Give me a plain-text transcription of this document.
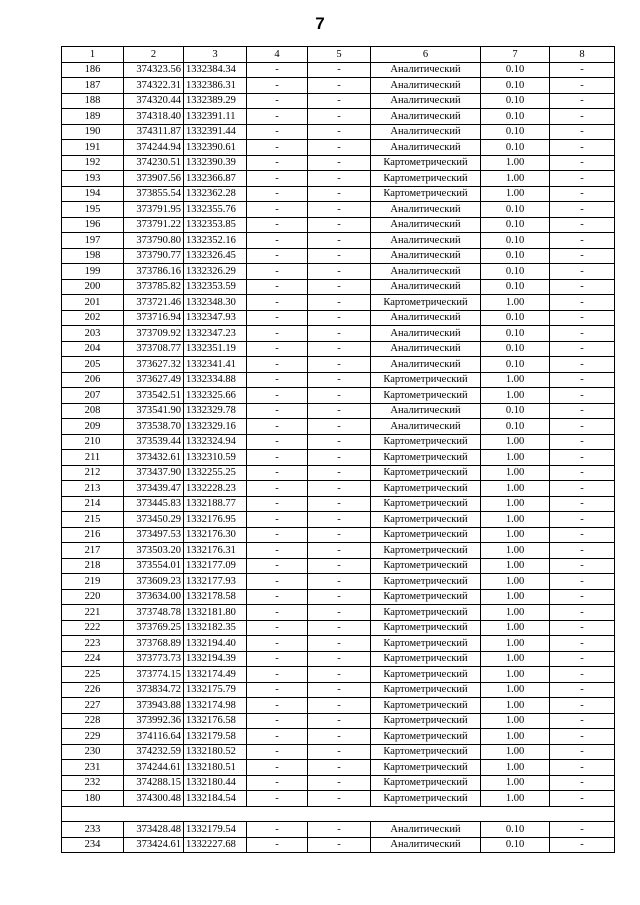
7
1	2	3	4	5	6	7	8
186	374323.56	1332384.34	-	-	Аналитический	0.10	-
187	374322.31	1332386.31	-	-	Аналитический	0.10	-
188	374320.44	1332389.29	-	-	Аналитический	0.10	-
189	374318.40	1332391.11	-	-	Аналитический	0.10	-
190	374311.87	1332391.44	-	-	Аналитический	0.10	-
191	374244.94	1332390.61	-	-	Аналитический	0.10	-
192	374230.51	1332390.39	-	-	Картометрический	1.00	-
193	373907.56	1332366.87	-	-	Картометрический	1.00	-
194	373855.54	1332362.28	-	-	Картометрический	1.00	-
195	373791.95	1332355.76	-	-	Аналитический	0.10	-
196	373791.22	1332353.85	-	-	Аналитический	0.10	-
197	373790.80	1332352.16	-	-	Аналитический	0.10	-
198	373790.77	1332326.45	-	-	Аналитический	0.10	-
199	373786.16	1332326.29	-	-	Аналитический	0.10	-
200	373785.82	1332353.59	-	-	Аналитический	0.10	-
201	373721.46	1332348.30	-	-	Картометрический	1.00	-
202	373716.94	1332347.93	-	-	Аналитический	0.10	-
203	373709.92	1332347.23	-	-	Аналитический	0.10	-
204	373708.77	1332351.19	-	-	Аналитический	0.10	-
205	373627.32	1332341.41	-	-	Аналитический	0.10	-
206	373627.49	1332334.88	-	-	Картометрический	1.00	-
207	373542.51	1332325.66	-	-	Картометрический	1.00	-
208	373541.90	1332329.78	-	-	Аналитический	0.10	-
209	373538.70	1332329.16	-	-	Аналитический	0.10	-
210	373539.44	1332324.94	-	-	Картометрический	1.00	-
211	373432.61	1332310.59	-	-	Картометрический	1.00	-
212	373437.90	1332255.25	-	-	Картометрический	1.00	-
213	373439.47	1332228.23	-	-	Картометрический	1.00	-
214	373445.83	1332188.77	-	-	Картометрический	1.00	-
215	373450.29	1332176.95	-	-	Картометрический	1.00	-
216	373497.53	1332176.30	-	-	Картометрический	1.00	-
217	373503.20	1332176.31	-	-	Картометрический	1.00	-
218	373554.01	1332177.09	-	-	Картометрический	1.00	-
219	373609.23	1332177.93	-	-	Картометрический	1.00	-
220	373634.00	1332178.58	-	-	Картометрический	1.00	-
221	373748.78	1332181.80	-	-	Картометрический	1.00	-
222	373769.25	1332182.35	-	-	Картометрический	1.00	-
223	373768.89	1332194.40	-	-	Картометрический	1.00	-
224	373773.73	1332194.39	-	-	Картометрический	1.00	-
225	373774.15	1332174.49	-	-	Картометрический	1.00	-
226	373834.72	1332175.79	-	-	Картометрический	1.00	-
227	373943.88	1332174.98	-	-	Картометрический	1.00	-
228	373992.36	1332176.58	-	-	Картометрический	1.00	-
229	374116.64	1332179.58	-	-	Картометрический	1.00	-
230	374232.59	1332180.52	-	-	Картометрический	1.00	-
231	374244.61	1332180.51	-	-	Картометрический	1.00	-
232	374288.15	1332180.44	-	-	Картометрический	1.00	-
180	374300.48	1332184.54	-	-	Картометрический	1.00	-

233	373428.48	1332179.54	-	-	Аналитический	0.10	-
234	373424.61	1332227.68	-	-	Аналитический	0.10	-
